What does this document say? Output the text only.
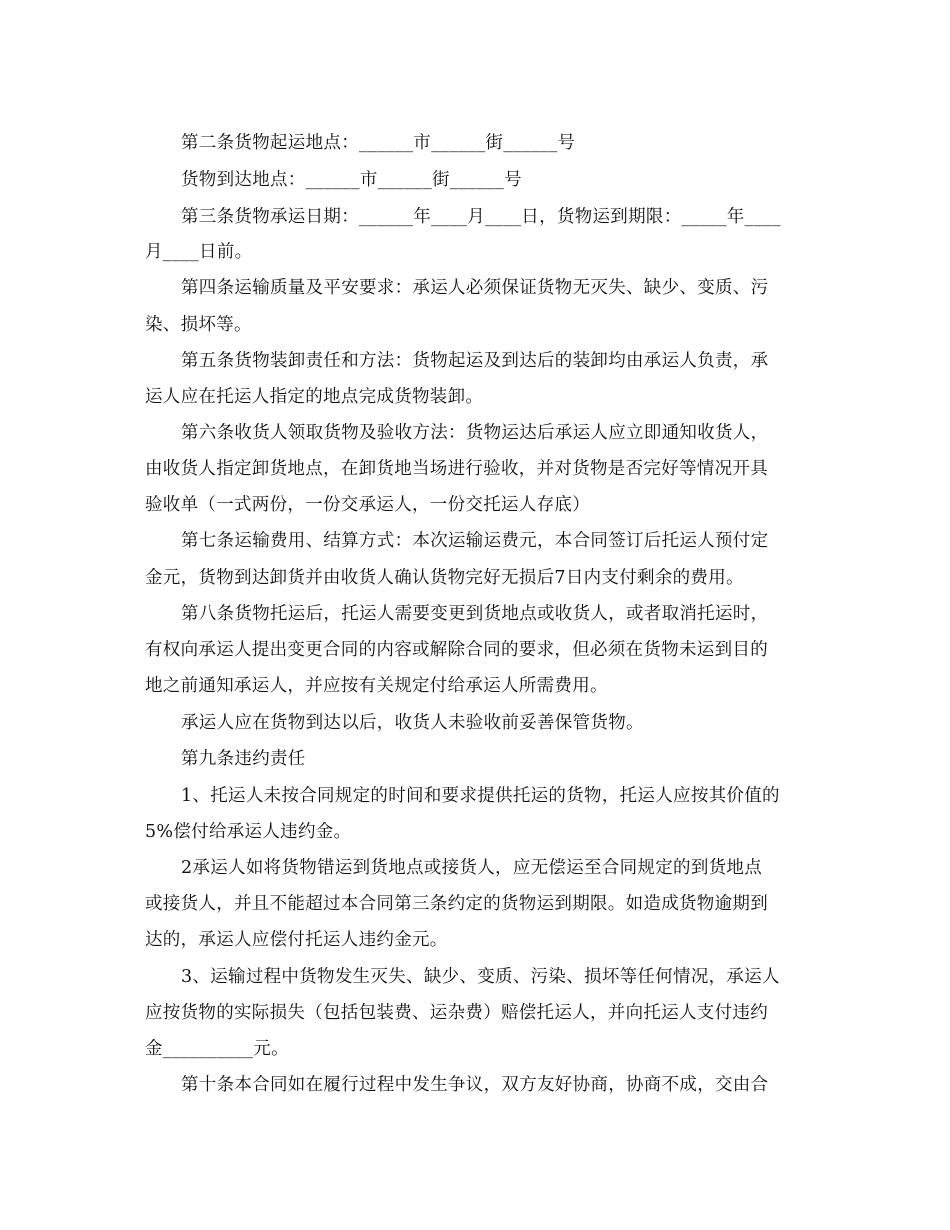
第二条货物起运地点：______市______街______号
货物到达地点：______市______街______号
第三条货物承运日期：______年____月____日，货物运到期限：_____年____
月____日前。
第四条运输质量及平安要求：承运人必须保证货物无灭失、缺少、变质、污
染、损坏等。
第五条货物装卸责任和方法：货物起运及到达后的装卸均由承运人负责，承
运人应在托运人指定的地点完成货物装卸。
第六条收货人领取货物及验收方法：货物运达后承运人应立即通知收货人，
由收货人指定卸货地点，在卸货地当场进行验收，并对货物是否完好等情况开具
验收单（一式两份，一份交承运人，一份交托运人存底）
第七条运输费用、结算方式：本次运输运费元，本合同签订后托运人预付定
金元，货物到达卸货并由收货人确认货物完好无损后7日内支付剩余的费用。
第八条货物托运后，托运人需要变更到货地点或收货人，或者取消托运时，
有权向承运人提出变更合同的内容或解除合同的要求，但必须在货物未运到目的
地之前通知承运人，并应按有关规定付给承运人所需费用。
承运人应在货物到达以后，收货人未验收前妥善保管货物。
第九条违约责任
1、托运人未按合同规定的时间和要求提供托运的货物，托运人应按其价值的
5%偿付给承运人违约金。
2承运人如将货物错运到货地点或接货人，应无偿运至合同规定的到货地点
或接货人，并且不能超过本合同第三条约定的货物运到期限。如造成货物逾期到
达的，承运人应偿付托运人违约金元。
3、运输过程中货物发生灭失、缺少、变质、污染、损坏等任何情况，承运人
应按货物的实际损失（包括包装费、运杂费）赔偿托运人，并向托运人支付违约
金__________元。
第十条本合同如在履行过程中发生争议，双方友好协商，协商不成，交由合
